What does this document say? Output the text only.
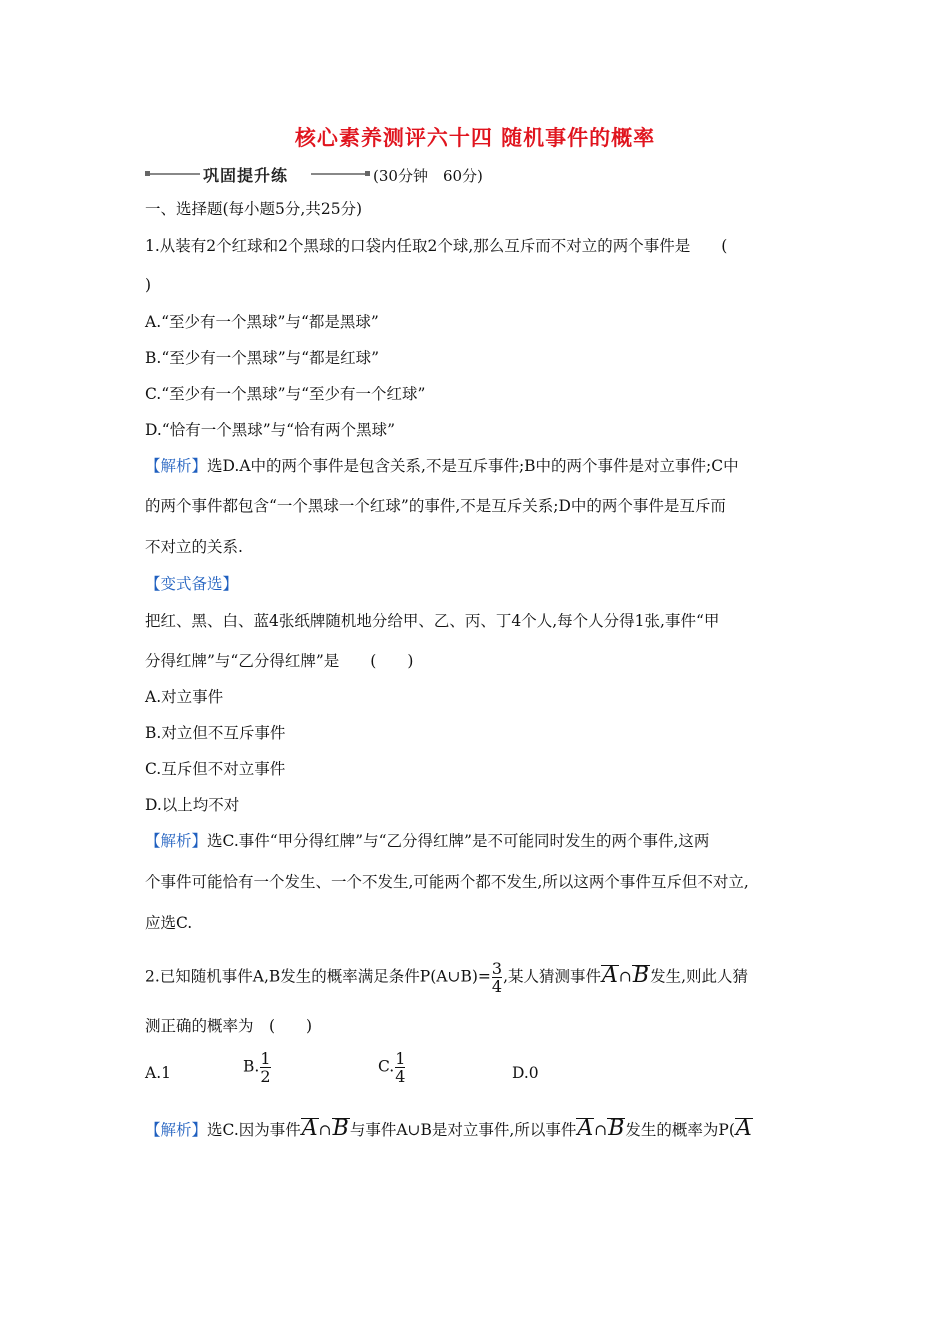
核心素养测评六十四 随机事件的概率
巩固提升练	(30分钟　60分)
一、选择题(每小题5分,共25分)
1.从装有2个红球和2个黑球的口袋内任取2个球,那么互斥而不对立的两个事件是　　(
)
A.“至少有一个黑球”与“都是黑球”
B.“至少有一个黑球”与“都是红球”
C.“至少有一个黑球”与“至少有一个红球”
D.“恰有一个黑球”与“恰有两个黑球”
【解析】选D.A中的两个事件是包含关系,不是互斥事件;B中的两个事件是对立事件;C中
的两个事件都包含“一个黑球一个红球”的事件,不是互斥关系;D中的两个事件是互斥而
不对立的关系.
【变式备选】
把红、黑、白、蓝4张纸牌随机地分给甲、乙、丙、丁4个人,每个人分得1张,事件“甲
分得红牌”与“乙分得红牌”是　　(　　)
A.对立事件
B.对立但不互斥事件
C.互斥但不对立事件
D.以上均不对
【解析】选C.事件“甲分得红牌”与“乙分得红牌”是不可能同时发生的两个事件,这两
个事件可能恰有一个发生、一个不发生,可能两个都不发生,所以这两个事件互斥但不对立,
应选C.
2.已知随机事件A,B发生的概率满足条件P(A∪B)= $\frac{3}{4}$ ,某人猜测事件A∩B发生,则此人猜
测正确的概率为　(　　)
A.1	B. $\frac{1}{2}$	C. $\frac{1}{4}$	D.0
【解析】选C.因为事件A∩B与事件A∪B是对立事件,所以事件A∩B发生的概率为P(A
